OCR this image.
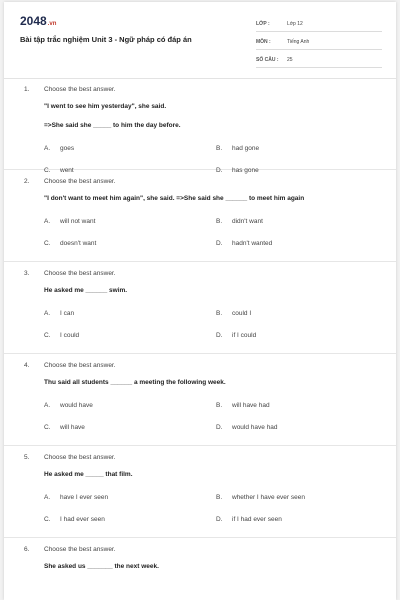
2048.vn
Bài tập trắc nghiệm Unit 3 - Ngữ pháp có đáp án
LỚP :	Lớp 12
MÔN :	Tiếng Anh
SỐ CÂU :	25
1. Choose the best answer.
"I went to see him yesterday", she said.
=>She said she _____ to him the day before.
A. goes	B. had gone
C. went	D. has gone
2. Choose the best answer.
"I don't want to meet him again", she said. =>She said she ______ to meet him again
A. will not want	B. didn't want
C. doesn't want	D. hadn't wanted
3. Choose the best answer.
He asked me ______ swim.
A. I can	B. could I
C. I could	D. if I could
4. Choose the best answer.
Thu said all students ______ a meeting the following week.
A. would have	B. will have had
C. will have	D. would have had
5. Choose the best answer.
He asked me _____ that film.
A. have I ever seen	B. whether I have ever seen
C. I had ever seen	D. if I had ever seen
6. Choose the best answer.
She asked us _______ the next week.
